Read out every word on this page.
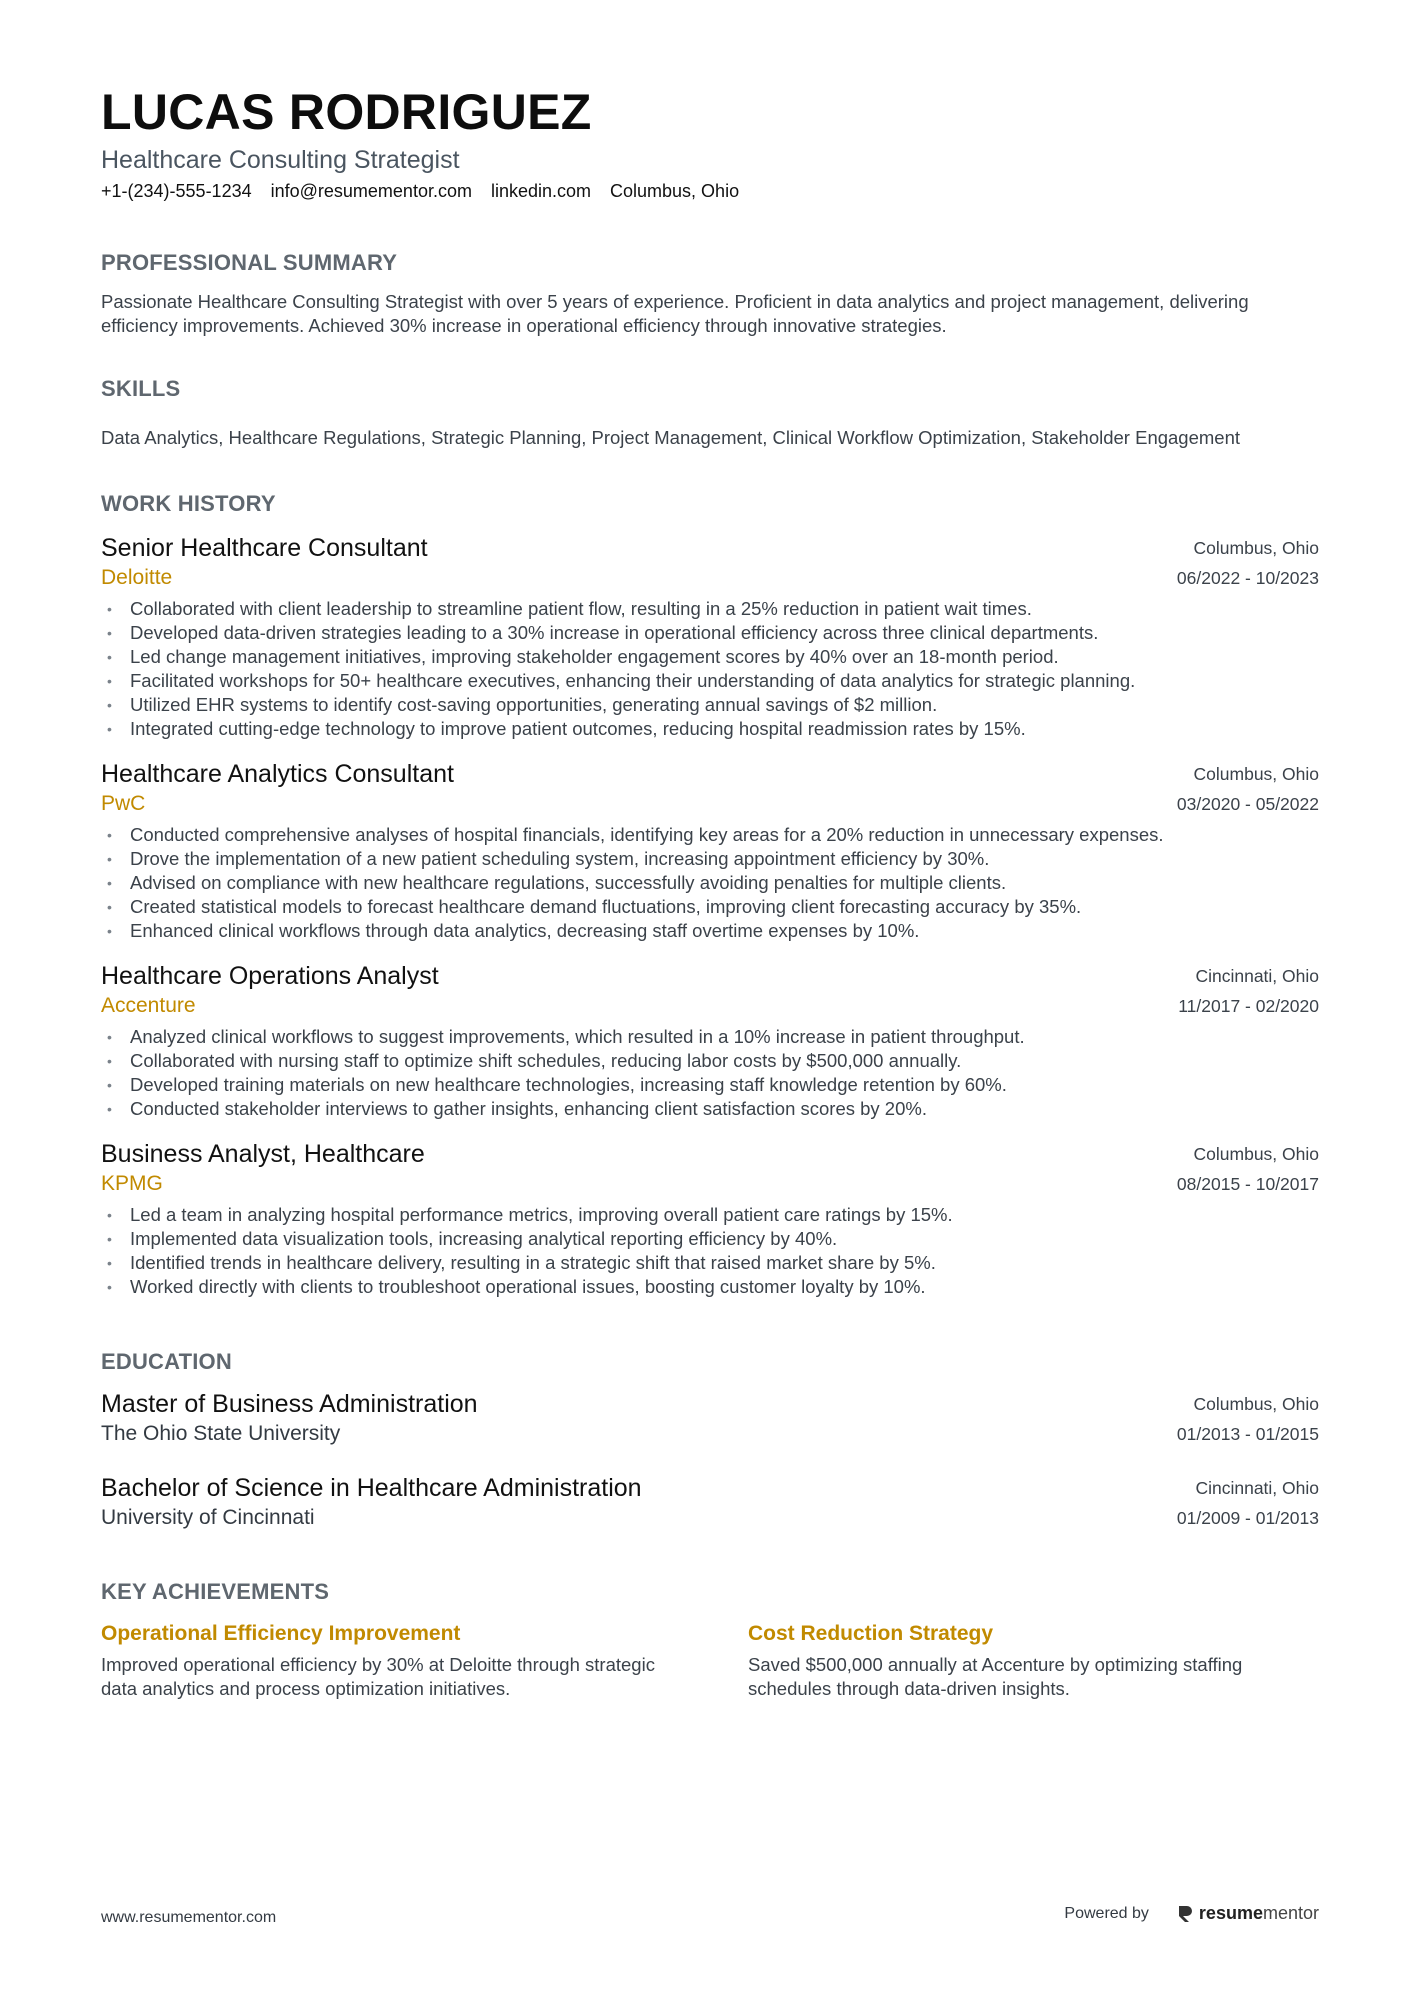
LUCAS RODRIGUEZ
Healthcare Consulting Strategist
+1-(234)-555-1234 info@resumementor.com linkedin.com Columbus, Ohio
PROFESSIONAL SUMMARY
Passionate Healthcare Consulting Strategist with over 5 years of experience. Proficient in data analytics and project management, delivering efficiency improvements. Achieved 30% increase in operational efficiency through innovative strategies.
SKILLS
Data Analytics, Healthcare Regulations, Strategic Planning, Project Management, Clinical Workflow Optimization, Stakeholder Engagement
WORK HISTORY
Senior Healthcare Consultant
Deloitte
Columbus, Ohio
06/2022 - 10/2023
• Collaborated with client leadership to streamline patient flow, resulting in a 25% reduction in patient wait times.
• Developed data-driven strategies leading to a 30% increase in operational efficiency across three clinical departments.
• Led change management initiatives, improving stakeholder engagement scores by 40% over an 18-month period.
• Facilitated workshops for 50+ healthcare executives, enhancing their understanding of data analytics for strategic planning.
• Utilized EHR systems to identify cost-saving opportunities, generating annual savings of $2 million.
• Integrated cutting-edge technology to improve patient outcomes, reducing hospital readmission rates by 15%.
Healthcare Analytics Consultant
PwC
Columbus, Ohio
03/2020 - 05/2022
• Conducted comprehensive analyses of hospital financials, identifying key areas for a 20% reduction in unnecessary expenses.
• Drove the implementation of a new patient scheduling system, increasing appointment efficiency by 30%.
• Advised on compliance with new healthcare regulations, successfully avoiding penalties for multiple clients.
• Created statistical models to forecast healthcare demand fluctuations, improving client forecasting accuracy by 35%.
• Enhanced clinical workflows through data analytics, decreasing staff overtime expenses by 10%.
Healthcare Operations Analyst
Accenture
Cincinnati, Ohio
11/2017 - 02/2020
• Analyzed clinical workflows to suggest improvements, which resulted in a 10% increase in patient throughput.
• Collaborated with nursing staff to optimize shift schedules, reducing labor costs by $500,000 annually.
• Developed training materials on new healthcare technologies, increasing staff knowledge retention by 60%.
• Conducted stakeholder interviews to gather insights, enhancing client satisfaction scores by 20%.
Business Analyst, Healthcare
KPMG
Columbus, Ohio
08/2015 - 10/2017
• Led a team in analyzing hospital performance metrics, improving overall patient care ratings by 15%.
• Implemented data visualization tools, increasing analytical reporting efficiency by 40%.
• Identified trends in healthcare delivery, resulting in a strategic shift that raised market share by 5%.
• Worked directly with clients to troubleshoot operational issues, boosting customer loyalty by 10%.
EDUCATION
Master of Business Administration
The Ohio State University
Columbus, Ohio
01/2013 - 01/2015
Bachelor of Science in Healthcare Administration
University of Cincinnati
Cincinnati, Ohio
01/2009 - 01/2013
KEY ACHIEVEMENTS
Operational Efficiency Improvement
Improved operational efficiency by 30% at Deloitte through strategic data analytics and process optimization initiatives.
Cost Reduction Strategy
Saved $500,000 annually at Accenture by optimizing staffing schedules through data-driven insights.
www.resumementor.com	Powered by	resumementor
